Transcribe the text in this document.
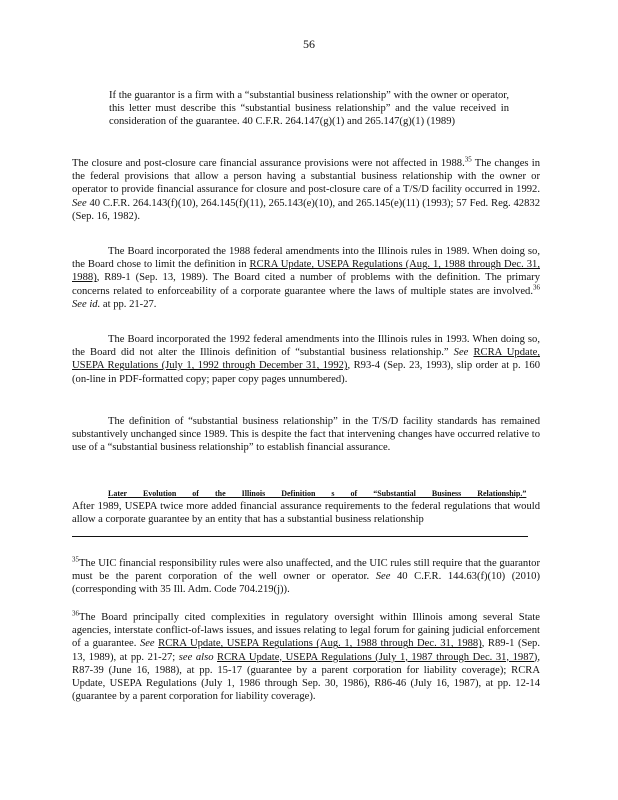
56

If the guarantor is a firm with a “substantial business relationship” with the owner or operator, this letter must describe this “substantial business relationship” and the value received in consideration of the guarantee. 40 C.F.R. 264.147(g)(1) and 265.147(g)(1) (1989)

The closure and post-closure care financial assurance provisions were not affected in 1988.35 The changes in the federal provisions that allow a person having a substantial business relationship with the owner or operator to provide financial assurance for closure and post-closure care of a T/S/D facility occurred in 1992. See 40 C.F.R. 264.143(f)(10), 264.145(f)(11), 265.143(e)(10), and 265.145(e)(11) (1993); 57 Fed. Reg. 42832 (Sep. 16, 1982).

The Board incorporated the 1988 federal amendments into the Illinois rules in 1989. When doing so, the Board chose to limit the definition in RCRA Update, USEPA Regulations (Aug. 1, 1988 through Dec. 31, 1988), R89-1 (Sep. 13, 1989). The Board cited a number of problems with the definition. The primary concerns related to enforceability of a corporate guarantee where the laws of multiple states are involved.$^{36}$ See id. at pp. 21-27.

The Board incorporated the 1992 federal amendments into the Illinois rules in 1993. When doing so, the Board did not alter the Illinois definition of “substantial business relationship.” See RCRA Update, USEPA Regulations (July 1, 1992 through December 31, 1992), R93-4 (Sep. 23, 1993), slip order at p. 160 (on-line in PDF-formatted copy; paper copy pages unnumbered).

The definition of “substantial business relationship” in the T/S/D facility standards has remained substantively unchanged since 1989. This is despite the fact that intervening changes have occurred relative to use of a “substantial business relationship” to establish financial assurance.

Later Evolution of the Illinois Definition s of “Substantial Business Relationship.”
After 1989, USEPA twice more added financial assurance requirements to the federal regulations that would allow a corporate guarantee by an entity that has a substantial business relationship

$^{35}$The UIC financial responsibility rules were also unaffected, and the UIC rules still require that the guarantor must be the parent corporation of the well owner or operator. See 40 C.F.R. 144.63(f)(10) (2010) (corresponding with 35 Ill. Adm. Code 704.219(j)).

$^{36}$The Board principally cited complexities in regulatory oversight within Illinois among several State agencies, interstate conflict-of-laws issues, and issues relating to legal forum for gaining judicial enforcement of a guarantee. See RCRA Update, USEPA Regulations (Aug. 1, 1988 through Dec. 31, 1988), R89-1 (Sep. 13, 1989), at pp. 21-27; see also RCRA Update, USEPA Regulations (July 1, 1987 through Dec. 31, 1987), R87-39 (June 16, 1988), at pp. 15-17 (guarantee by a parent corporation for liability coverage); RCRA Update, USEPA Regulations (July 1, 1986 through Sep. 30, 1986), R86-46 (July 16, 1987), at pp. 12-14 (guarantee by a parent corporation for liability coverage).
